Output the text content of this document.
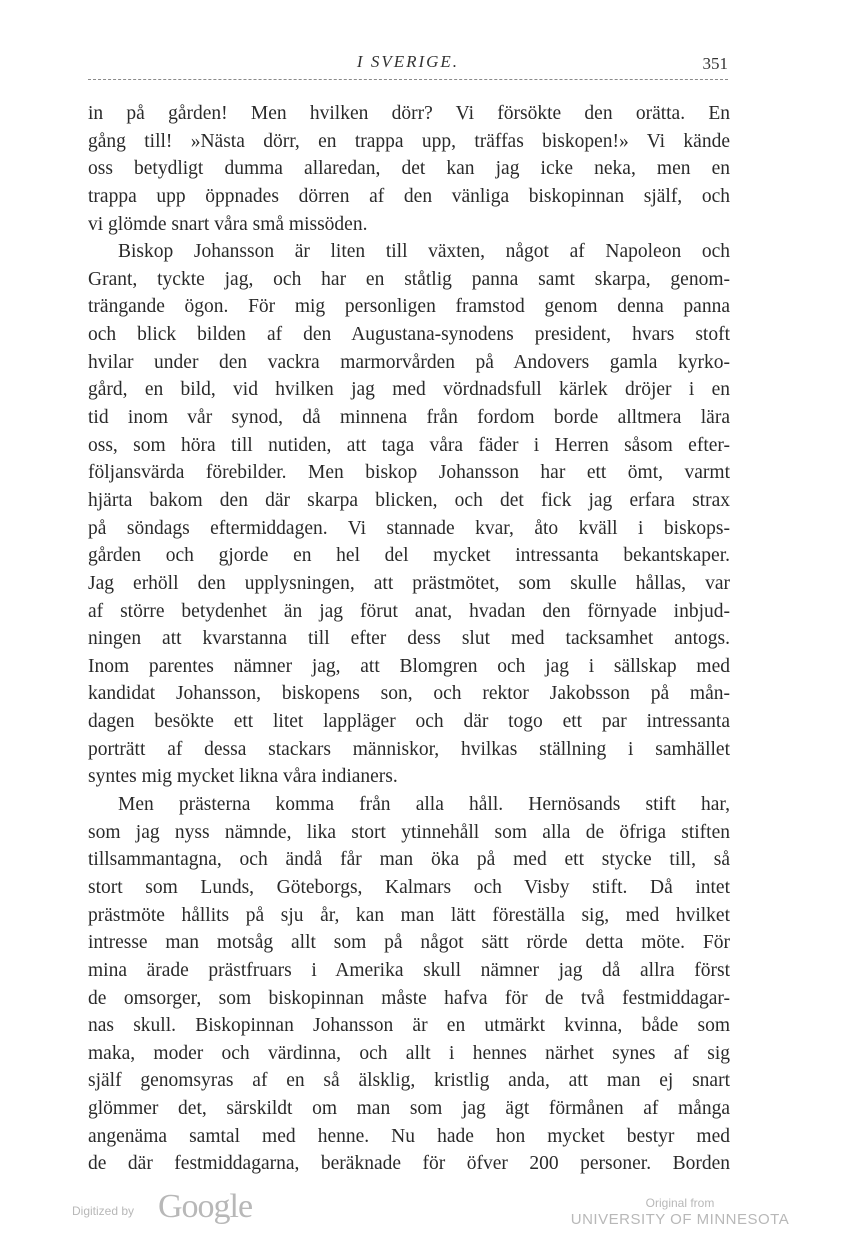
I SVERIGE.	351
in på gården! Men hvilken dörr? Vi försökte den orätta. En
gång till! »Nästa dörr, en trappa upp, träffas biskopen!» Vi kände
oss betydligt dumma allaredan, det kan jag icke neka, men en
trappa upp öppnades dörren af den vänliga biskopinnan själf, och
vi glömde snart våra små missöden.
Biskop Johansson är liten till växten, något af Napoleon och
Grant, tyckte jag, och har en ståtlig panna samt skarpa, genom-
trängande ögon. För mig personligen framstod genom denna panna
och blick bilden af den Augustana-synodens president, hvars stoft
hvilar under den vackra marmorvården på Andovers gamla kyrko-
gård, en bild, vid hvilken jag med vördnadsfull kärlek dröjer i en
tid inom vår synod, då minnena från fordom borde alltmera lära
oss, som höra till nutiden, att taga våra fäder i Herren såsom efter-
följansvärda förebilder. Men biskop Johansson har ett ömt, varmt
hjärta bakom den där skarpa blicken, och det fick jag erfara strax
på söndags eftermiddagen. Vi stannade kvar, åto kväll i biskops-
gården och gjorde en hel del mycket intressanta bekantskaper.
Jag erhöll den upplysningen, att prästmötet, som skulle hållas, var
af större betydenhet än jag förut anat, hvadan den förnyade inbjud-
ningen att kvarstanna till efter dess slut med tacksamhet antogs.
Inom parentes nämner jag, att Blomgren och jag i sällskap med
kandidat Johansson, biskopens son, och rektor Jakobsson på mån-
dagen besökte ett litet lappläger och där togo ett par intressanta
porträtt af dessa stackars människor, hvilkas ställning i samhället
syntes mig mycket likna våra indianers.
Men prästerna komma från alla håll. Hernösands stift har,
som jag nyss nämnde, lika stort ytinnehåll som alla de öfriga stiften
tillsammantagna, och ändå får man öka på med ett stycke till, så
stort som Lunds, Göteborgs, Kalmars och Visby stift. Då intet
prästmöte hållits på sju år, kan man lätt föreställa sig, med hvilket
intresse man motsåg allt som på något sätt rörde detta möte. För
mina ärade prästfruars i Amerika skull nämner jag då allra först
de omsorger, som biskopinnan måste hafva för de två festmiddagar-
nas skull. Biskopinnan Johansson är en utmärkt kvinna, både som
maka, moder och värdinna, och allt i hennes närhet synes af sig
själf genomsyras af en så älsklig, kristlig anda, att man ej snart
glömmer det, särskildt om man som jag ägt förmånen af många
angenäma samtal med henne. Nu hade hon mycket bestyr med
de där festmiddagarna, beräknade för öfver 200 personer. Borden
Digitized by Google	Original from
UNIVERSITY OF MINNESOTA
